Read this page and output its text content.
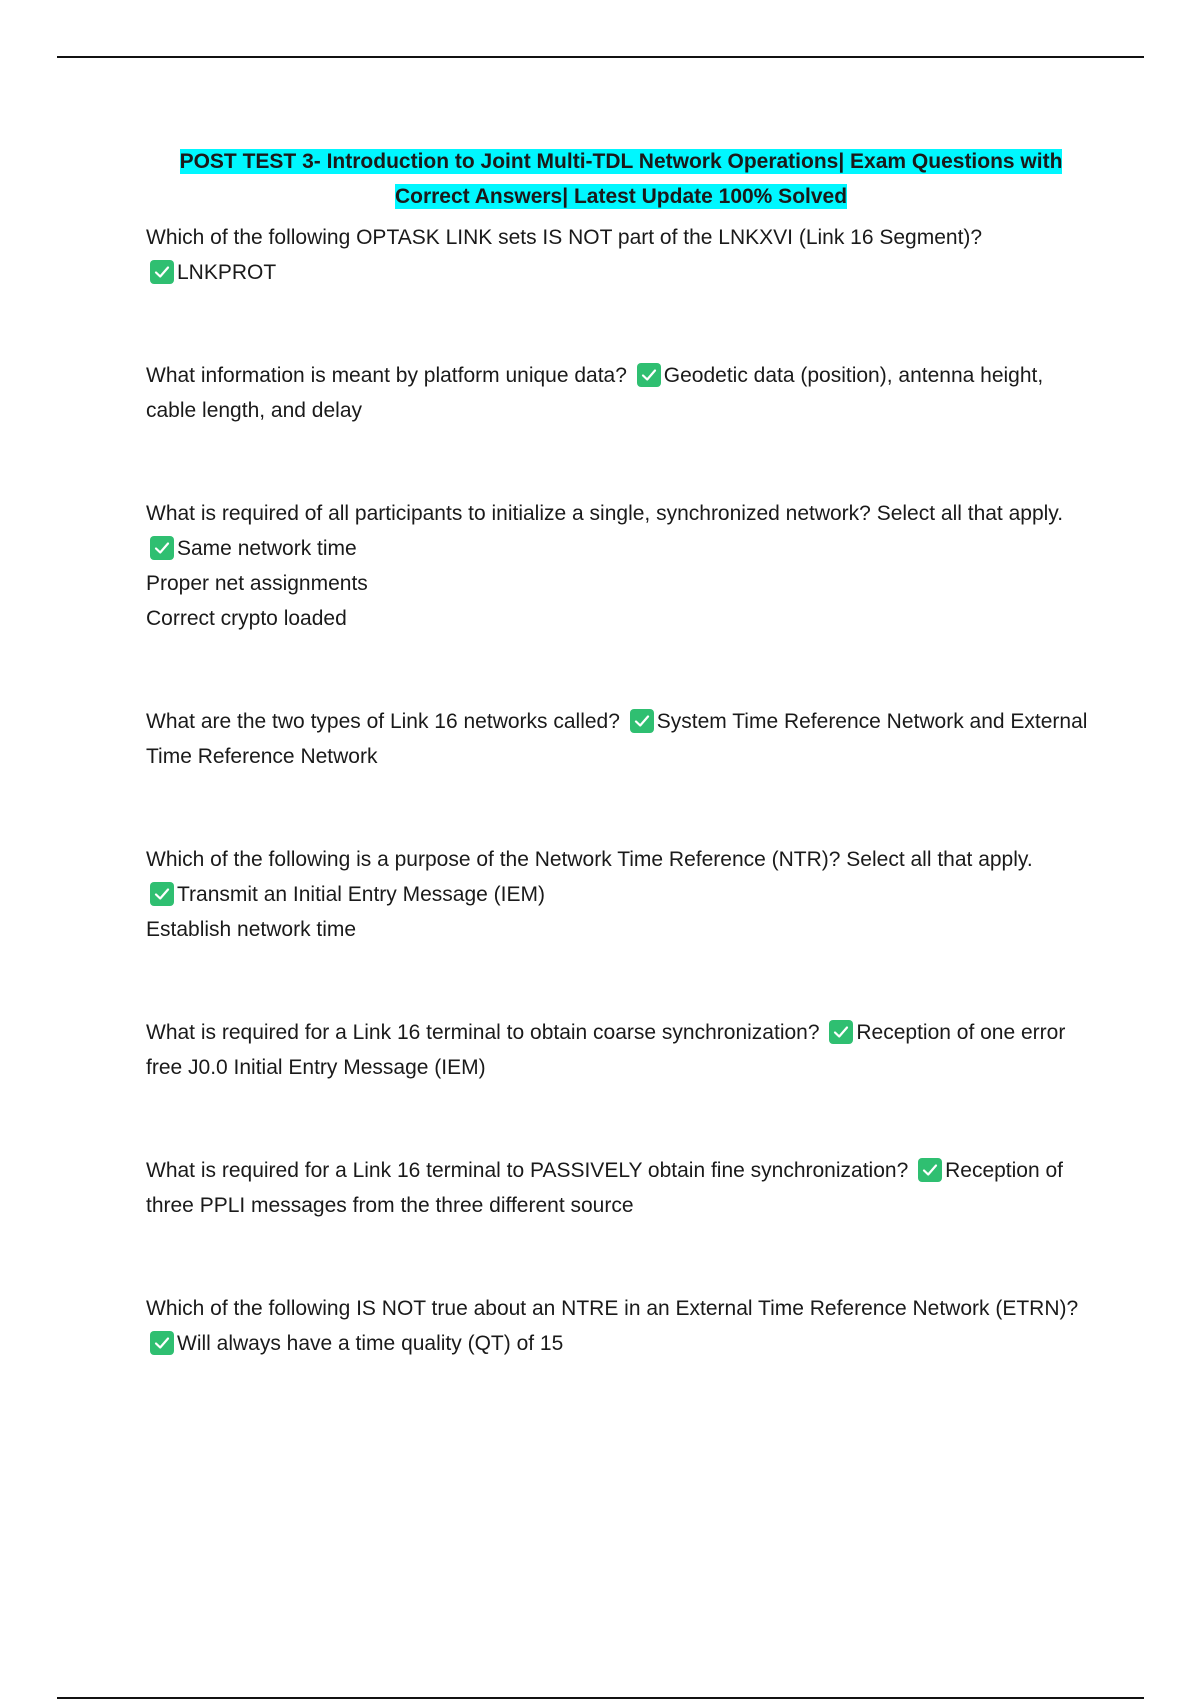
POST TEST 3- Introduction to Joint Multi-TDL Network Operations| Exam Questions with
Correct Answers| Latest Update 100% Solved

Which of the following OPTASK LINK sets IS NOT part of the LNKXVI (Link 16 Segment)?

LNKPROT

What information is meant by platform unique data? Geodetic data (position), antenna height, cable length, and delay

What is required of all participants to initialize a single, synchronized network? Select all that apply.
Same network time

Proper net assignments

Correct crypto loaded

What are the two types of Link 16 networks called? System Time Reference Network and External Time Reference Network

Which of the following is a purpose of the Network Time Reference (NTR)? Select all that apply.

Transmit an Initial Entry Message (IEM)

Establish network time

What is required for a Link 16 terminal to obtain coarse synchronization? Reception of one error free J0.0 Initial Entry Message (IEM)

What is required for a Link 16 terminal to PASSIVELY obtain fine synchronization? Reception of three PPLI messages from the three different source

Which of the following IS NOT true about an NTRE in an External Time Reference Network (ETRN)?
Will always have a time quality (QT) of 15
